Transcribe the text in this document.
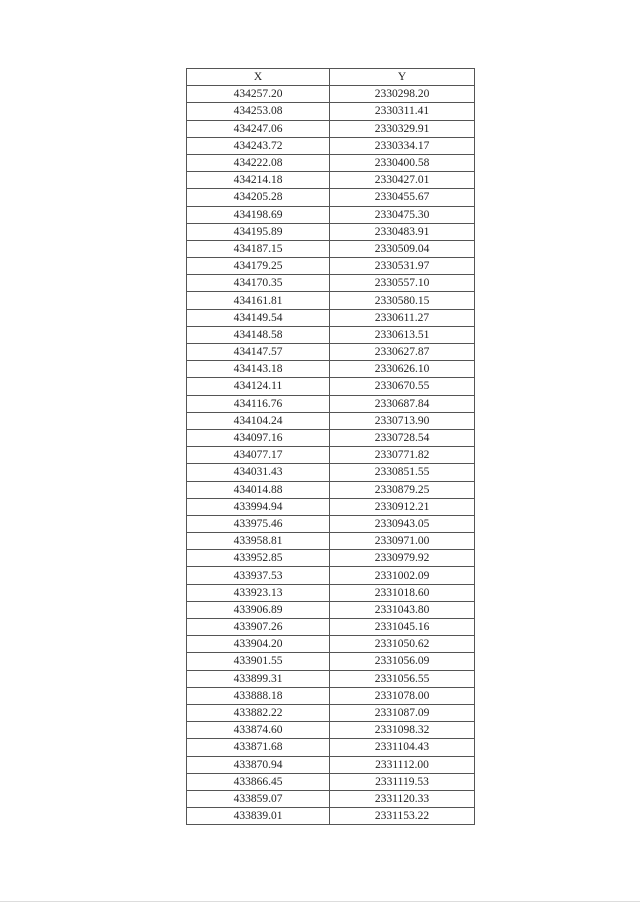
X	Y
434257.20	2330298.20
434253.08	2330311.41
434247.06	2330329.91
434243.72	2330334.17
434222.08	2330400.58
434214.18	2330427.01
434205.28	2330455.67
434198.69	2330475.30
434195.89	2330483.91
434187.15	2330509.04
434179.25	2330531.97
434170.35	2330557.10
434161.81	2330580.15
434149.54	2330611.27
434148.58	2330613.51
434147.57	2330627.87
434143.18	2330626.10
434124.11	2330670.55
434116.76	2330687.84
434104.24	2330713.90
434097.16	2330728.54
434077.17	2330771.82
434031.43	2330851.55
434014.88	2330879.25
433994.94	2330912.21
433975.46	2330943.05
433958.81	2330971.00
433952.85	2330979.92
433937.53	2331002.09
433923.13	2331018.60
433906.89	2331043.80
433907.26	2331045.16
433904.20	2331050.62
433901.55	2331056.09
433899.31	2331056.55
433888.18	2331078.00
433882.22	2331087.09
433874.60	2331098.32
433871.68	2331104.43
433870.94	2331112.00
433866.45	2331119.53
433859.07	2331120.33
433839.01	2331153.22
